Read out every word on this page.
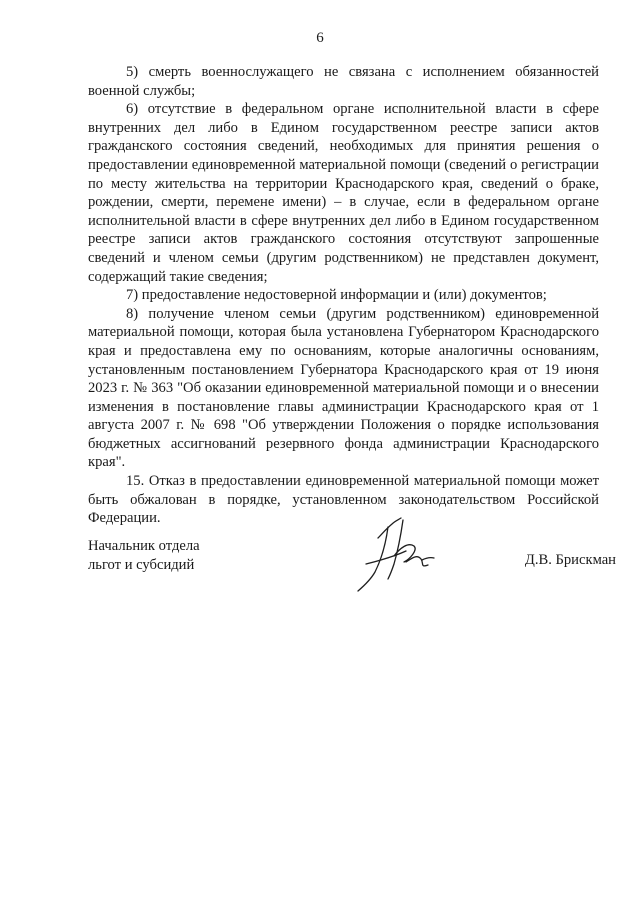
6

5) смерть военнослужащего не связана с исполнением обязанностей военной службы;

6) отсутствие в федеральном органе исполнительной власти в сфере внутренних дел либо в Едином государственном реестре записи актов гражданского состояния сведений, необходимых для принятия решения о предоставлении единовременной материальной помощи (сведений о регистрации по месту жительства на территории Краснодарского края, сведений о браке, рождении, смерти, перемене имени) – в случае, если в федеральном органе исполнительной власти в сфере внутренних дел либо в Едином государственном реестре записи актов гражданского состояния отсутствуют запрошенные сведений и членом семьи (другим родственником) не представлен документ, содержащий такие сведения;

7) предоставление недостоверной информации и (или) документов;

8) получение членом семьи (другим родственником) единовременной материальной помощи, которая была установлена Губернатором Краснодарского края и предоставлена ему по основаниям, которые аналогичны основаниям, установленным постановлением Губернатора Краснодарского края от 19 июня 2023 г. № 363 "Об оказании единовременной материальной помощи и о внесении изменения в постановление главы администрации Краснодарского края от 1 августа 2007 г. № 698 "Об утверждении Положения о порядке использования бюджетных ассигнований резервного фонда администрации Краснодарского края".

15. Отказ в предоставлении единовременной материальной помощи может быть обжалован в порядке, установленном законодательством Российской Федерации.

Начальник отдела
льгот и субсидий	Д.В. Брискман
